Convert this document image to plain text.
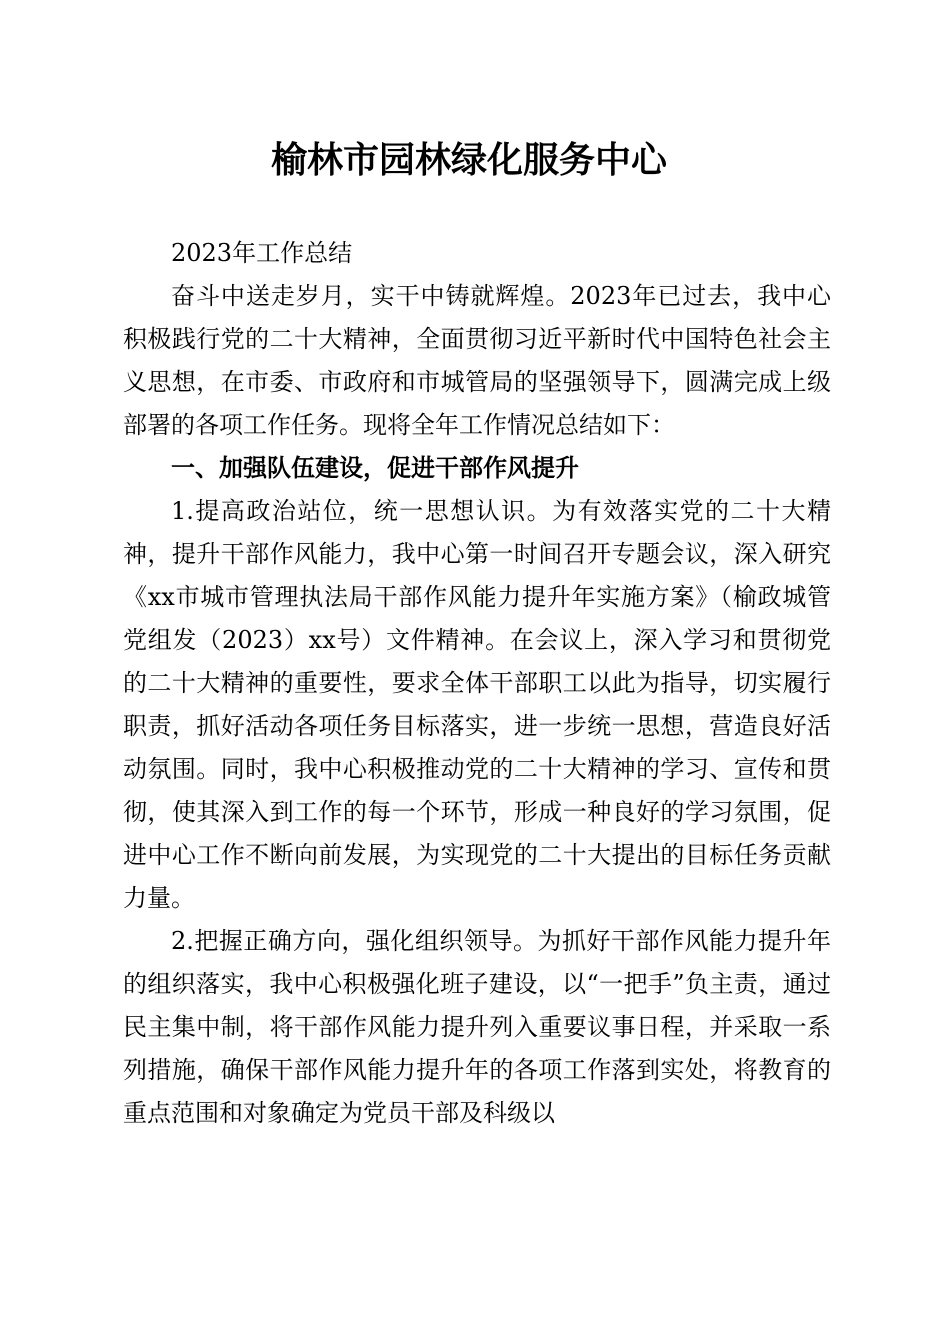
榆林市园林绿化服务中心

2023年工作总结

奋斗中送走岁月，实干中铸就辉煌。2023年已过去，我中心积极践行党的二十大精神，全面贯彻习近平新时代中国特色社会主义思想，在市委、市政府和市城管局的坚强领导下，圆满完成上级部署的各项工作任务。现将全年工作情况总结如下：

一、加强队伍建设，促进干部作风提升

1.提高政治站位，统一思想认识。为有效落实党的二十大精神，提升干部作风能力，我中心第一时间召开专题会议，深入研究《xx市城市管理执法局干部作风能力提升年实施方案》（榆政城管党组发（2023）xx号）文件精神。在会议上，深入学习和贯彻党的二十大精神的重要性，要求全体干部职工以此为指导，切实履行职责，抓好活动各项任务目标落实，进一步统一思想，营造良好活动氛围。同时，我中心积极推动党的二十大精神的学习、宣传和贯彻，使其深入到工作的每一个环节，形成一种良好的学习氛围，促进中心工作不断向前发展，为实现党的二十大提出的目标任务贡献力量。

2.把握正确方向，强化组织领导。为抓好干部作风能力提升年的组织落实，我中心积极强化班子建设，以“一把手”负主责，通过民主集中制，将干部作风能力提升列入重要议事日程，并采取一系列措施，确保干部作风能力提升年的各项工作落到实处，将教育的重点范围和对象确定为党员干部及科级以
